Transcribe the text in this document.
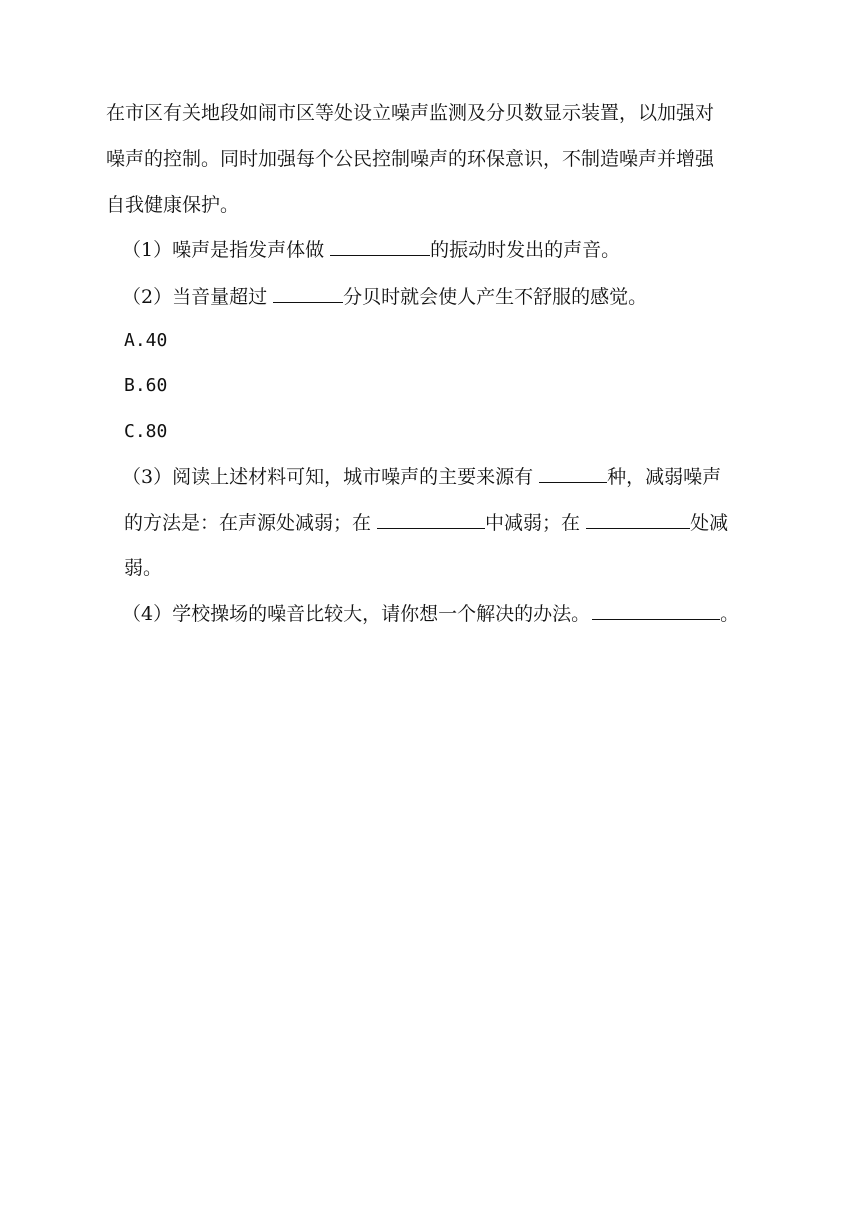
在市区有关地段如闹市区等处设立噪声监测及分贝数显示装置，以加强对
噪声的控制。同时加强每个公民控制噪声的环保意识，不制造噪声并增强
自我健康保护。
（1）噪声是指发声体做	的振动时发出的声音。
（2）当音量超过	分贝时就会使人产生不舒服的感觉。
A.40
B.60
C.80
（3）阅读上述材料可知，城市噪声的主要来源有	种，减弱噪声
的方法是：在声源处减弱；在	中减弱；在	处减
弱。
（4）学校操场的噪音比较大，请你想一个解决的办法。	。
